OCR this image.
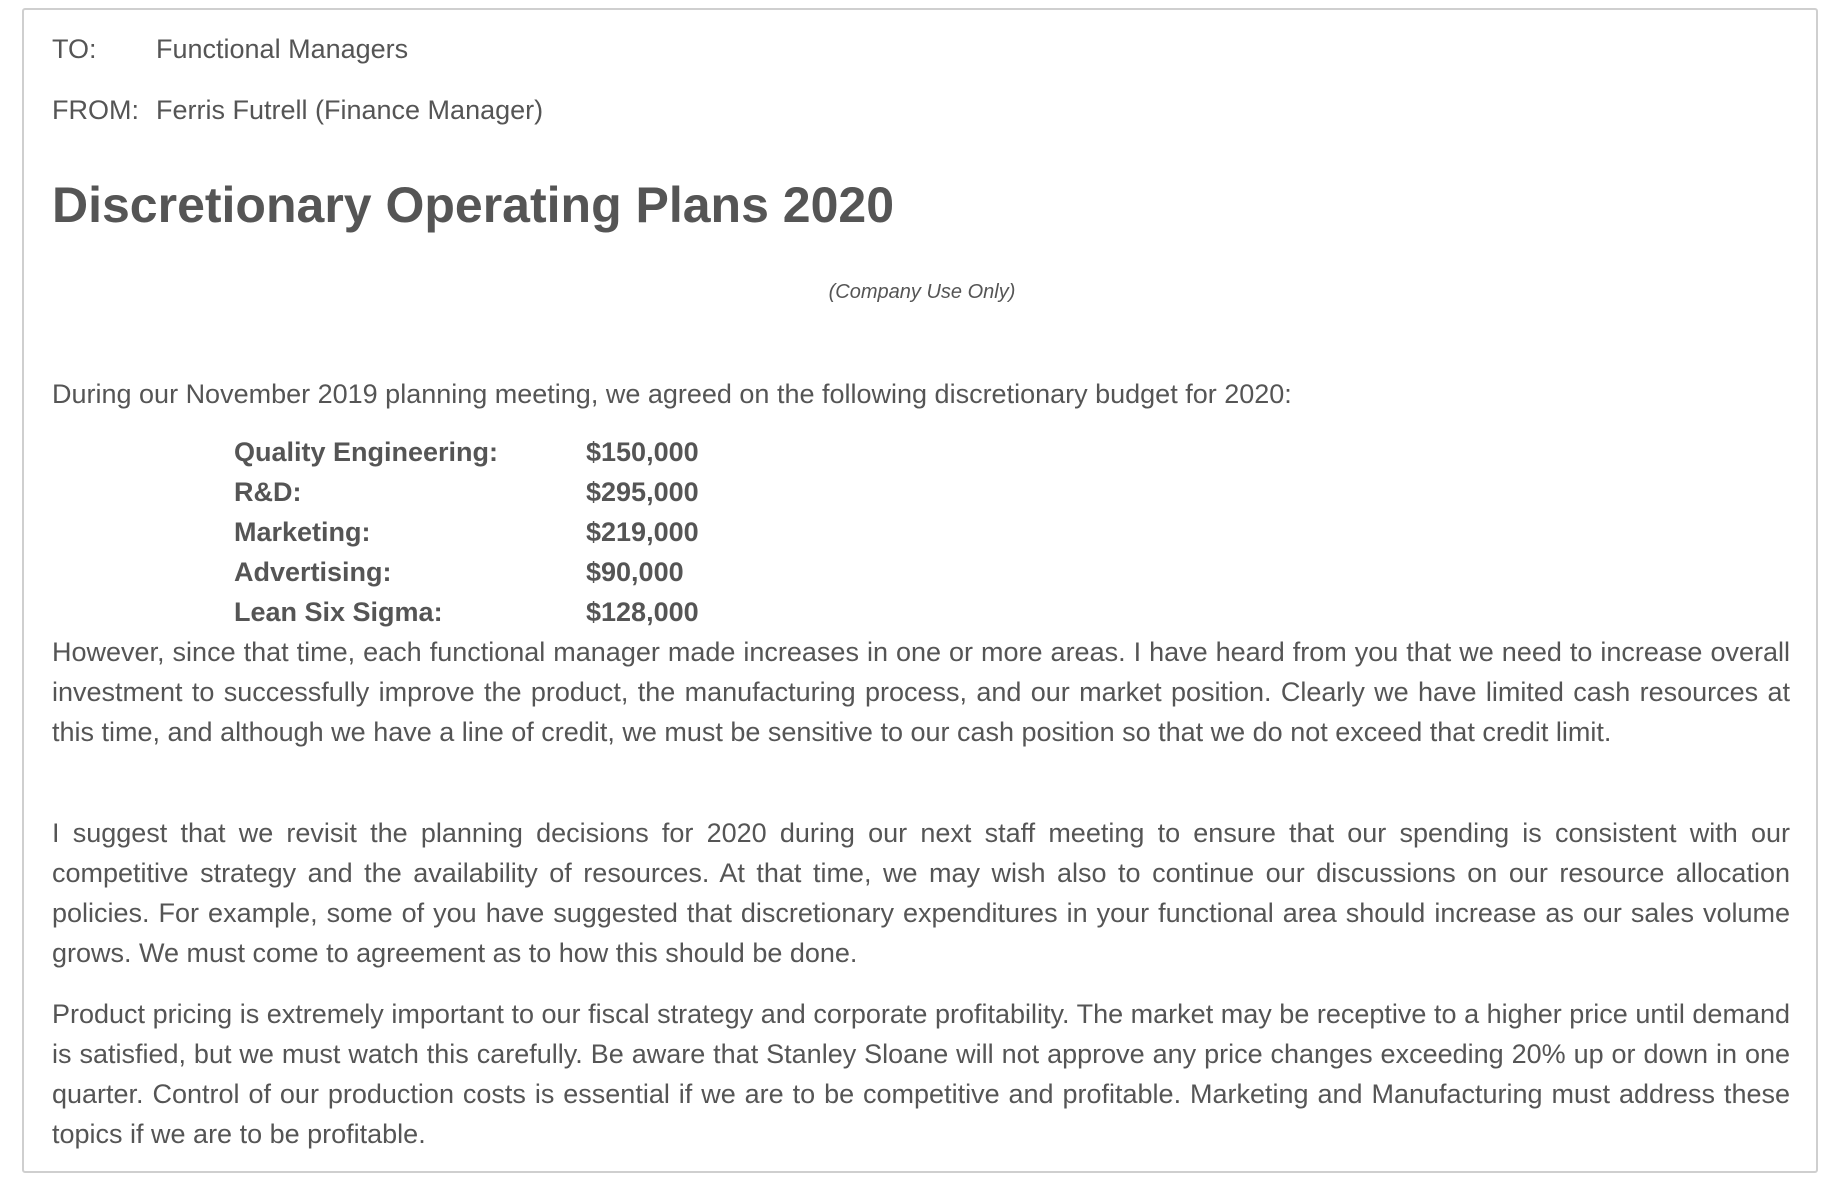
TO: Functional Managers
FROM: Ferris Futrell (Finance Manager)
Discretionary Operating Plans 2020
(Company Use Only)

During our November 2019 planning meeting, we agreed on the following discretionary budget for 2020:

Quality Engineering:	$150,000
R&D:	$295,000
Marketing:	$219,000
Advertising:	$90,000
Lean Six Sigma:	$128,000

However, since that time, each functional manager made increases in one or more areas. I have heard from you that we need to increase overall investment to successfully improve the product, the manufacturing process, and our market position. Clearly we have limited cash resources at this time, and although we have a line of credit, we must be sensitive to our cash position so that we do not exceed that credit limit.

I suggest that we revisit the planning decisions for 2020 during our next staff meeting to ensure that our spending is consistent with our competitive strategy and the availability of resources. At that time, we may wish also to continue our discussions on our resource allocation policies. For example, some of you have suggested that discretionary expenditures in your functional area should increase as our sales volume grows. We must come to agreement as to how this should be done.

Product pricing is extremely important to our fiscal strategy and corporate profitability. The market may be receptive to a higher price until demand is satisfied, but we must watch this carefully. Be aware that Stanley Sloane will not approve any price changes exceeding 20% up or down in one quarter. Control of our production costs is essential if we are to be competitive and profitable. Marketing and Manufacturing must address these topics if we are to be profitable.
